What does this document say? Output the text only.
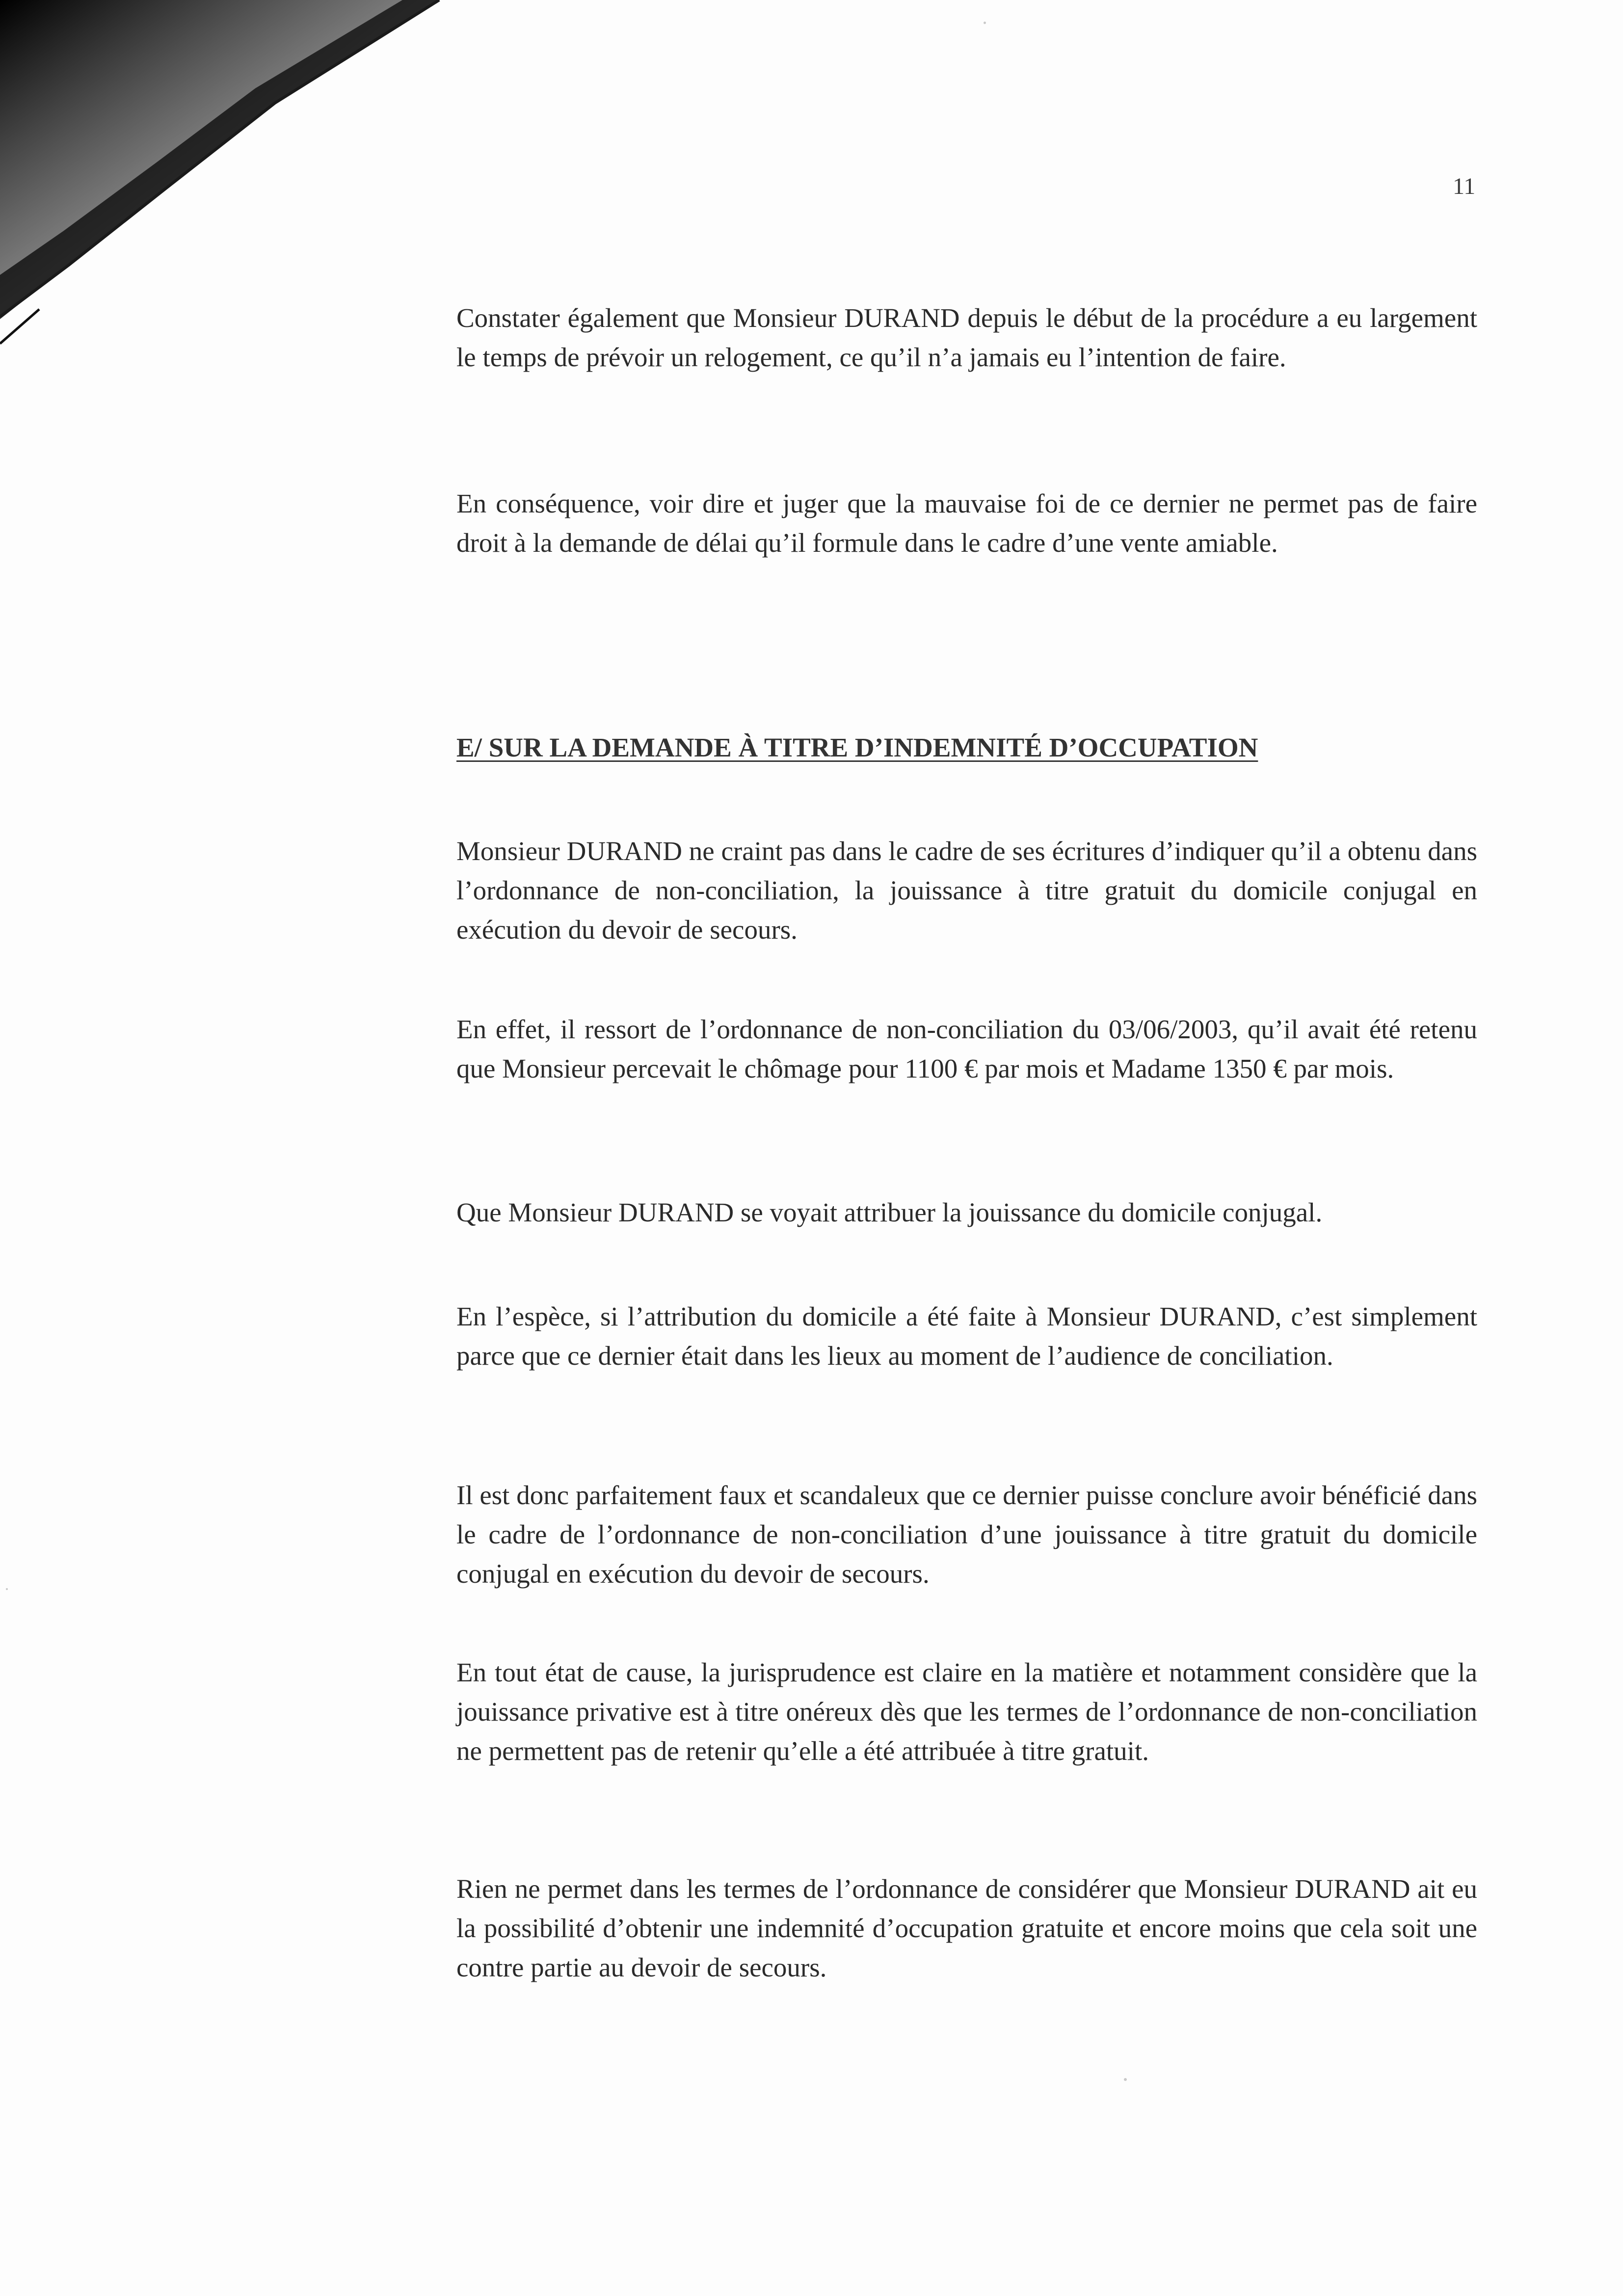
11

Constater également que Monsieur DURAND depuis le début de la procédure a eu largement le temps de prévoir un relogement, ce qu’il n’a jamais eu l’intention de faire.

En conséquence, voir dire et juger que la mauvaise foi de ce dernier ne permet pas de faire droit à la demande de délai qu’il formule dans le cadre d’une vente amiable.

E/ SUR LA DEMANDE À TITRE D’INDEMNITÉ D’OCCUPATION

Monsieur DURAND ne craint pas dans le cadre de ses écritures d’indiquer qu’il a obtenu dans l’ordonnance de non-conciliation, la jouissance à titre gratuit du domicile conjugal en exécution du devoir de secours.

En effet, il ressort de l’ordonnance de non-conciliation du 03/06/2003, qu’il avait été retenu que Monsieur percevait le chômage pour 1100 € par mois et Madame 1350 € par mois.

Que Monsieur DURAND se voyait attribuer la jouissance du domicile conjugal.

En l’espèce, si l’attribution du domicile a été faite à Monsieur DURAND, c’est simplement parce que ce dernier était dans les lieux au moment de l’audience de conciliation.

Il est donc parfaitement faux et scandaleux que ce dernier puisse conclure avoir bénéficié dans le cadre de l’ordonnance de non-conciliation d’une jouissance à titre gratuit du domicile conjugal en exécution du devoir de secours.

En tout état de cause, la jurisprudence est claire en la matière et notamment considère que la jouissance privative est à titre onéreux dès que les termes de l’ordonnance de non-conciliation ne permettent pas de retenir qu’elle a été attribuée à titre gratuit.

Rien ne permet dans les termes de l’ordonnance de considérer que Monsieur DURAND ait eu la possibilité d’obtenir une indemnité d’occupation gratuite et encore moins que cela soit une contre partie au devoir de secours.
